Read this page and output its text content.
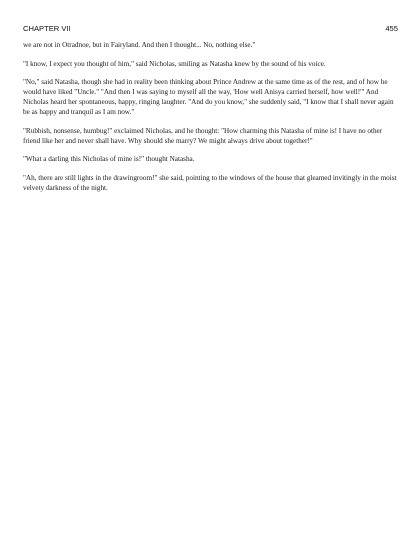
CHAPTER VII	455

we are not in Otradnoe, but in Fairyland. And then I thought... No, nothing else."

"I know, I expect you thought of him," said Nicholas, smiling as Natasha knew by the sound of his voice.

"No," said Natasha, though she had in reality been thinking about Prince Andrew at the same time as of the rest, and of how he would have liked "Uncle." "And then I was saying to myself all the way, 'How well Anisya carried herself, how well!'" And Nicholas heard her spontaneous, happy, ringing laughter. "And do you know," she suddenly said, "I know that I shall never again be as happy and tranquil as I am now."

"Rubbish, nonsense, humbug!" exclaimed Nicholas, and he thought: "How charming this Natasha of mine is! I have no other friend like her and never shall have. Why should she marry? We might always drive about together!"

"What a darling this Nicholas of mine is!" thought Natasha.

"Ah, there are still lights in the drawingroom!" she said, pointing to the windows of the house that gleamed invitingly in the moist velvety darkness of the night.
